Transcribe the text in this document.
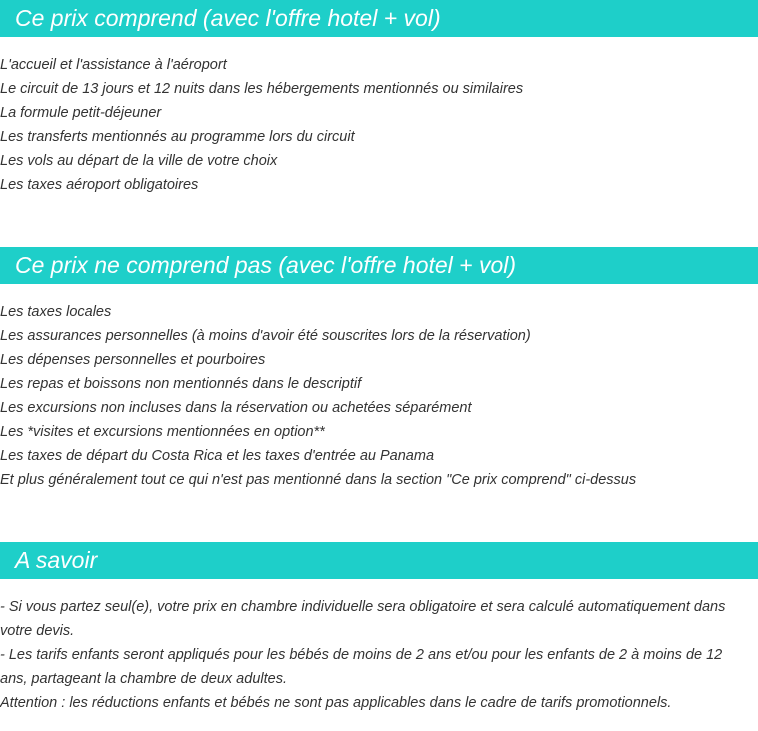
Ce prix comprend (avec l'offre hotel + vol)
L'accueil et l'assistance à l'aéroport
Le circuit de 13 jours et 12 nuits dans les hébergements mentionnés ou similaires
La formule petit-déjeuner
Les transferts mentionnés au programme lors du circuit
Les vols au départ de la ville de votre choix
Les taxes aéroport obligatoires
Ce prix ne comprend pas (avec l'offre hotel + vol)
Les taxes locales
Les assurances personnelles (à moins d'avoir été souscrites lors de la réservation)
Les dépenses personnelles et pourboires
Les repas et boissons non mentionnés dans le descriptif
Les excursions non incluses dans la réservation ou achetées séparément
Les *visites et excursions mentionnées en option**
Les taxes de départ du Costa Rica et les taxes d'entrée au Panama
Et plus généralement tout ce qui n'est pas mentionné dans la section "Ce prix comprend" ci-dessus
A savoir
- Si vous partez seul(e), votre prix en chambre individuelle sera obligatoire et sera calculé automatiquement dans votre devis.
- Les tarifs enfants seront appliqués pour les bébés de moins de 2 ans et/ou pour les enfants de 2 à moins de 12 ans, partageant la chambre de deux adultes.
Attention : les réductions enfants et bébés ne sont pas applicables dans le cadre de tarifs promotionnels.
